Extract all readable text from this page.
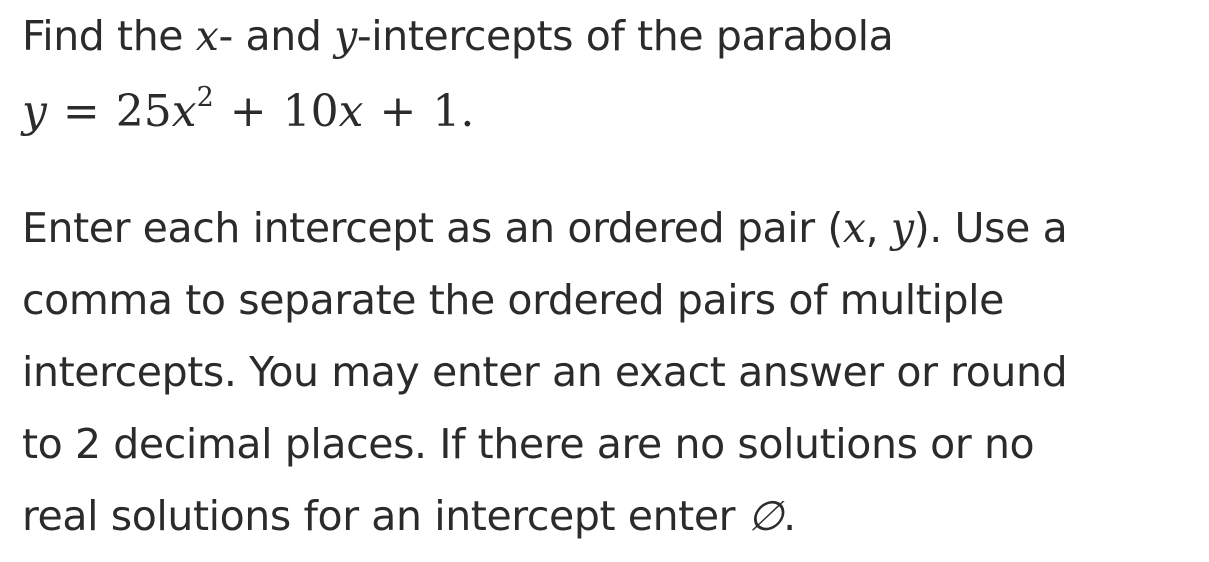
Find the x- and y-intercepts of the parabola
$y = 25x^2 + 10x + 1$.
Enter each intercept as an ordered pair (x, y). Use a
comma to separate the ordered pairs of multiple
intercepts. You may enter an exact answer or round
to 2 decimal places. If there are no solutions or no
real solutions for an intercept enter ∅.
